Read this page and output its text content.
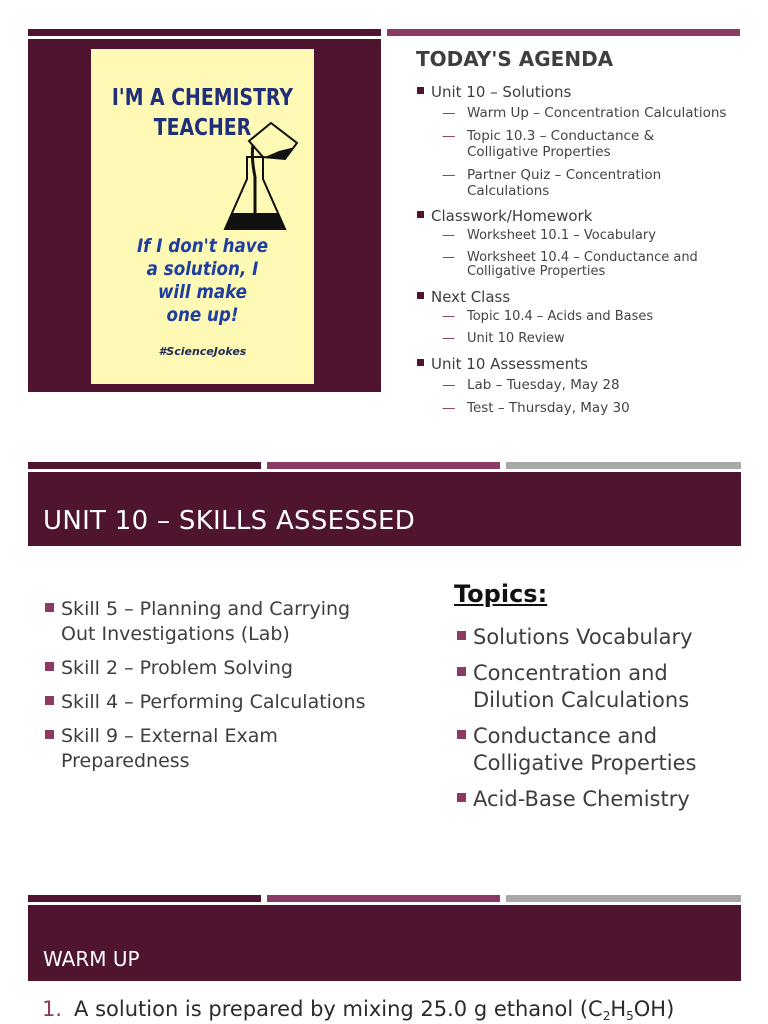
I'M A CHEMISTRY
TEACHER
If I don't have
a solution, I
will make
one up!
#ScienceJokes
TODAY'S AGENDA
Unit 10 – Solutions
— Warm Up – Concentration Calculations
— Topic 10.3 – Conductance &
Colligative Properties
— Partner Quiz – Concentration
Calculations
Classwork/Homework
— Worksheet 10.1 – Vocabulary
— Worksheet 10.4 – Conductance and
Colligative Properties
Next Class
— Topic 10.4 – Acids and Bases
— Unit 10 Review
Unit 10 Assessments
— Lab – Tuesday, May 28
— Test – Thursday, May 30
UNIT 10 – SKILLS ASSESSED
Skill 5 – Planning and Carrying
Out Investigations (Lab)
Skill 2 – Problem Solving
Skill 4 – Performing Calculations
Skill 9 – External Exam
Preparedness
Topics:
Solutions Vocabulary
Concentration and
Dilution Calculations
Conductance and
Colligative Properties
Acid-Base Chemistry
WARM UP
1. A solution is prepared by mixing 25.0 g ethanol $(C_2H_5OH)$
